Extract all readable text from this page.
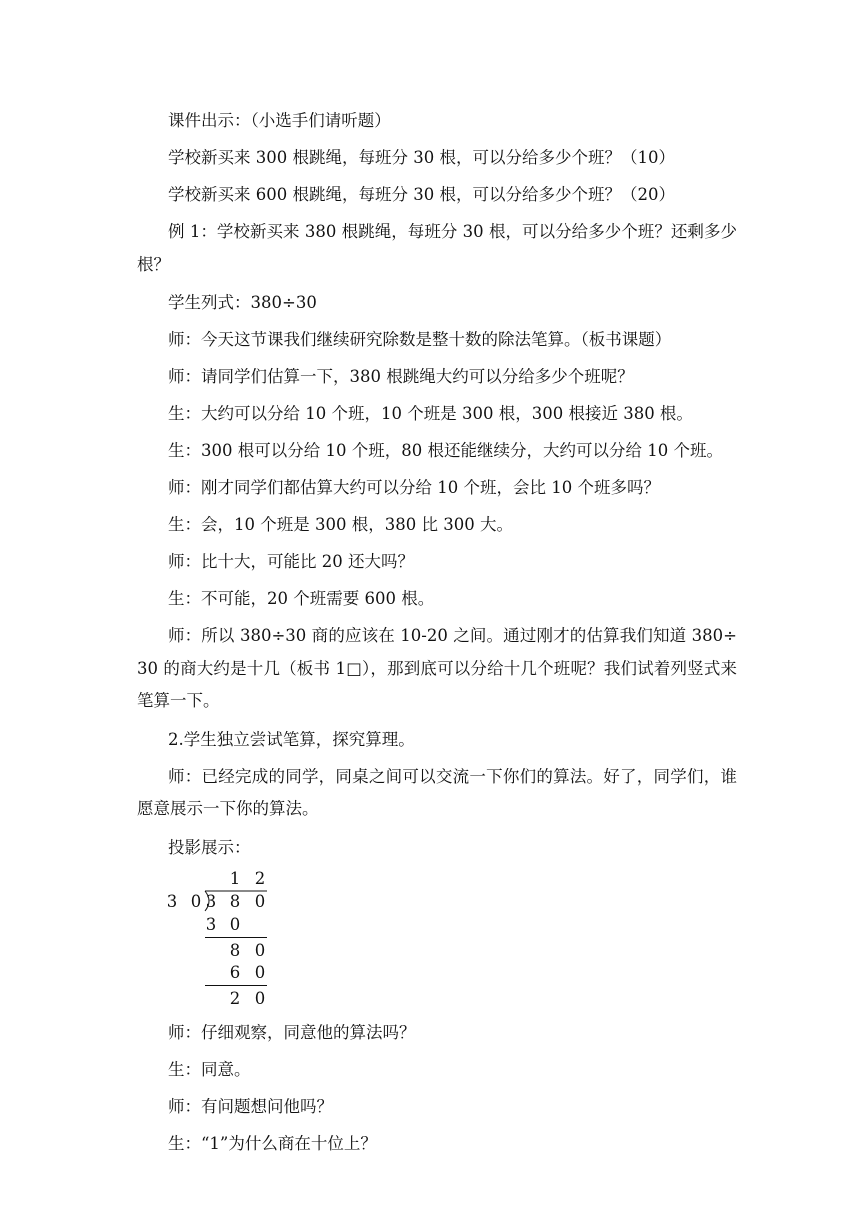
课件出示：（小选手们请听题）

学校新买来 300 根跳绳，每班分 30 根，可以分给多少个班？（10）

学校新买来 600 根跳绳，每班分 30 根，可以分给多少个班？（20）

例 1：学校新买来 380 根跳绳，每班分 30 根，可以分给多少个班？还剩多少根？

学生列式：380÷30

师：今天这节课我们继续研究除数是整十数的除法笔算。（板书课题）

师：请同学们估算一下，380 根跳绳大约可以分给多少个班呢？

生：大约可以分给 10 个班，10 个班是 300 根，300 根接近 380 根。

生：300 根可以分给 10 个班，80 根还能继续分，大约可以分给 10 个班。

师：刚才同学们都估算大约可以分给 10 个班，会比 10 个班多吗？

生：会，10 个班是 300 根，380 比 300 大。

师：比十大，可能比 20 还大吗？

生：不可能，20 个班需要 600 根。

师：所以 380÷30 商的应该在 10-20 之间。通过刚才的估算我们知道 380÷30 的商大约是十几（板书 1□），那到底可以分给十几个班呢？我们试着列竖式来笔算一下。

2.学生独立尝试笔算，探究算理。

师：已经完成的同学，同桌之间可以交流一下你们的算法。好了，同学们，谁愿意展示一下你的算法。

投影展示：

1 2
3 0 3 8 0
3 0
8 0
6 0
2 0

师：仔细观察，同意他的算法吗？

生：同意。

师：有问题想问他吗？

生：“1”为什么商在十位上？
